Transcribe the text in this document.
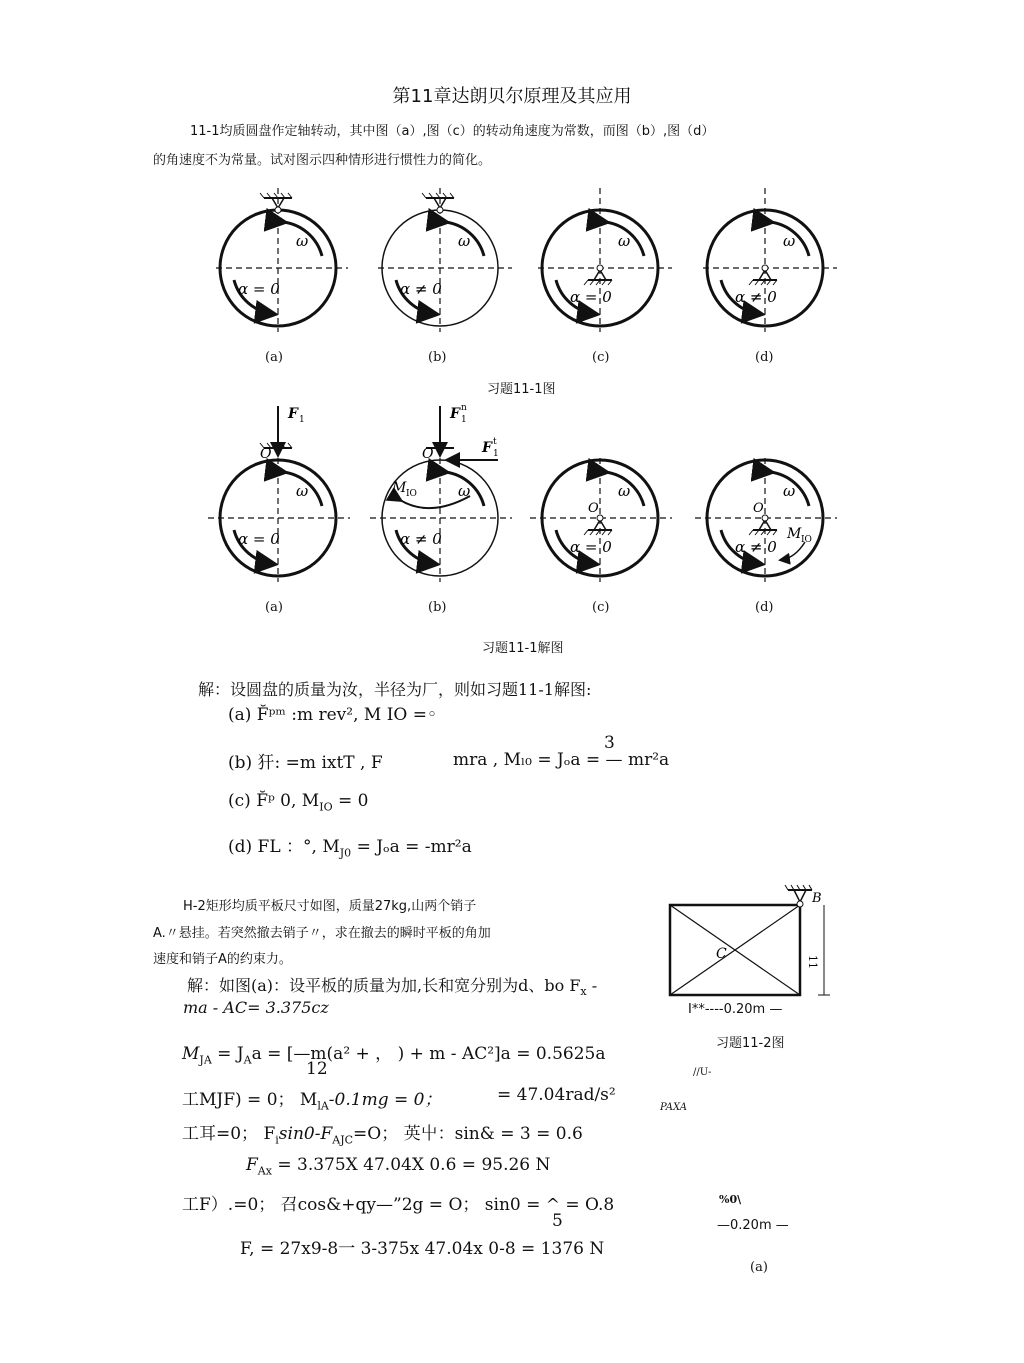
第11章达朗贝尔原理及其应用
11-1均质圆盘作定轴转动，其中图（a）,图（c）的转动角速度为常数，而图（b）,图（d）
的角速度不为常量。试对图示四种情形进行惯性力的简化。
ω
α = 0
ω
α ≠ 0
ω
α = 0
ω
α ≠ 0
(a)	(b)	(c)	(d)
习题11-1图
F 1
O
ω
α = 0
F 1
n
F 1
t
O
M IO	ω
α ≠ 0
O
ω
α = 0
O
M IO
ω
α ≠ 0
(a)	(b)	(c)	(d)
习题11-1解图
解：设圆盘的质量为汝，半径为厂，则如习题11-1解图:
(a) F̆ᵖᵐ :m rev², M IO =◦
3
(b) 犴: =m ixtT , F	mra , Mₗ₀ = Jₒa = — mr²a
(c) F̆ᵖ 0, $M_{IO} = 0$
(d) FL ：°, $M_{J0} = J_oa = -mr^2a$
H-2矩形均质平板尺寸如图，质量27kg,山两个销子
A.〃悬挂。若突然撤去销子〃，求在撤去的瞬时平板的角加
速度和销子A的约束力。
解：如图(a)：设平板的质量为加,长和宽分别为d、bo $F_x$ -
ma - AC= 3.375cz
$M_{JA} = J_Aa$ = [—m(a² + ， ) + m - AC²]a = 0.5625a
12
工MJF) = 0； $M_{lA}-0.1mg = 0$；	= 47.04rad/s²
工耳=0； $F_i\sin 0-F_{AJC}=O$； 英屮：sin& = 3 = 0.6
$F_{Ax} = 3.375X$ 47.04X 0.6 = 95.26 N
工F）.=0； 召cos&+qy—”2g = O； sin0 = ^ = O.8
5
F, = 27x9-8一 3-375x 47.04x 0-8 = 1376 N
B
C	11
I**----0.20m —
习题11-2图
//U-
PAXA
%0\
—0.20m —
(a)
